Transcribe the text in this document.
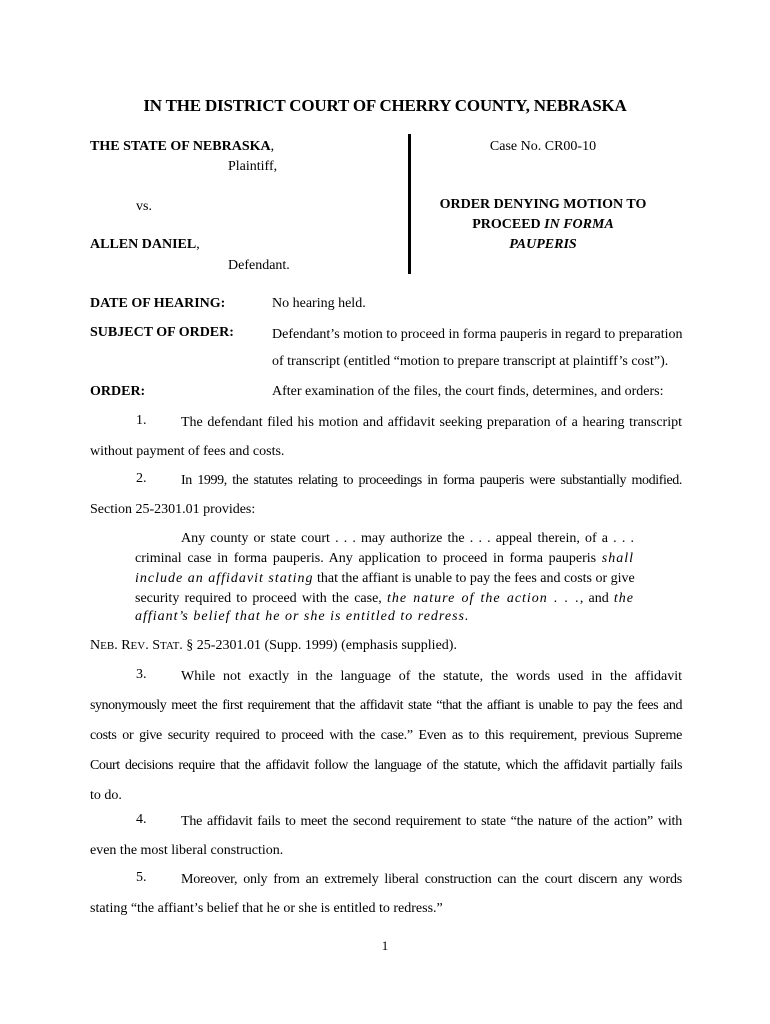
IN THE DISTRICT COURT OF CHERRY COUNTY, NEBRASKA
THE STATE OF NEBRASKA,
Plaintiff,
vs.
ALLEN DANIEL,
Defendant.
Case No. CR00-10
ORDER DENYING MOTION TO
PROCEED IN FORMA
PAUPERIS
DATE OF HEARING:	No hearing held.
SUBJECT OF ORDER:	Defendant’s motion to proceed in forma pauperis in regard to preparation
of transcript (entitled “motion to prepare transcript at plaintiff’s cost”).
ORDER:	After examination of the files, the court finds, determines, and orders:
1. The defendant filed his motion and affidavit seeking preparation of a hearing transcript
without payment of fees and costs.
2. In 1999, the statutes relating to proceedings in forma pauperis were substantially modified.
Section 25-2301.01 provides:
Any county or state court . . . may authorize the . . . appeal therein, of a . . .
criminal case in forma pauperis. Any application to proceed in forma pauperis shall
include an affidavit stating that the affiant is unable to pay the fees and costs or give
security required to proceed with the case, the nature of the action . . ., and the
affiant’s belief that he or she is entitled to redress.
NEB. REV. STAT. § 25-2301.01 (Supp. 1999) (emphasis supplied).
3. While not exactly in the language of the statute, the words used in the affidavit
synonymously meet the first requirement that the affidavit state “that the affiant is unable to pay the fees and
costs or give security required to proceed with the case.” Even as to this requirement, previous Supreme
Court decisions require that the affidavit follow the language of the statute, which the affidavit partially fails
to do.
4. The affidavit fails to meet the second requirement to state “the nature of the action” with
even the most liberal construction.
5. Moreover, only from an extremely liberal construction can the court discern any words
stating “the affiant’s belief that he or she is entitled to redress.”
1
